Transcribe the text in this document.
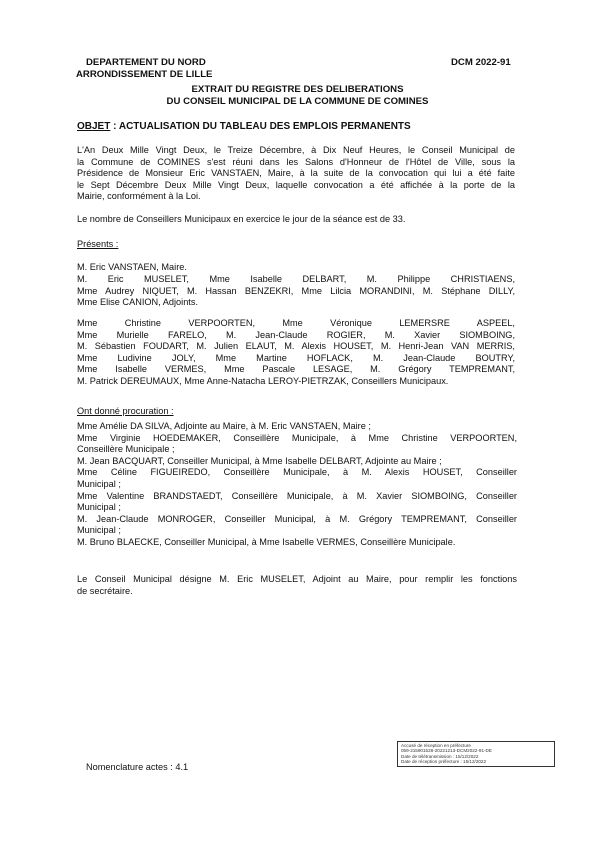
DEPARTEMENT DU NORD
ARRONDISSEMENT DE LILLE
DCM 2022-91
EXTRAIT DU REGISTRE DES DELIBERATIONS
DU CONSEIL MUNICIPAL DE LA COMMUNE DE COMINES
OBJET : ACTUALISATION DU TABLEAU DES EMPLOIS PERMANENTS
L'An Deux Mille Vingt Deux, le Treize Décembre, à Dix Neuf Heures, le Conseil Municipal de
la Commune de COMINES s'est réuni dans les Salons d'Honneur de l'Hôtel de Ville, sous la
Présidence de Monsieur Eric VANSTAEN, Maire, à la suite de la convocation qui lui a été faite
le Sept Décembre Deux Mille Vingt Deux, laquelle convocation a été affichée à la porte de la
Mairie, conformément à la Loi.
Le nombre de Conseillers Municipaux en exercice le jour de la séance est de 33.
Présents :
M. Eric VANSTAEN, Maire.
M. Eric MUSELET, Mme Isabelle DELBART, M. Philippe CHRISTIAENS,
Mme Audrey NIQUET, M. Hassan BENZEKRI, Mme Lilcia MORANDINI, M. Stéphane DILLY,
Mme Elise CANION, Adjoints.
Mme Christine VERPOORTEN, Mme Véronique LEMERSRE ASPEEL,
Mme Murielle FARELO, M. Jean-Claude ROGIER, M. Xavier SIOMBOING,
M. Sébastien FOUDART, M. Julien ELAUT, M. Alexis HOUSET, M. Henri-Jean VAN MERRIS,
Mme Ludivine JOLY, Mme Martine HOFLACK, M. Jean-Claude BOUTRY,
Mme Isabelle VERMES, Mme Pascale LESAGE, M. Grégory TEMPREMANT,
M. Patrick DEREUMAUX, Mme Anne-Natacha LEROY-PIETRZAK, Conseillers Municipaux.
Ont donné procuration :
Mme Amélie DA SILVA, Adjointe au Maire, à M. Eric VANSTAEN, Maire ;
Mme Virginie HOEDEMAKER, Conseillère Municipale, à Mme Christine VERPOORTEN,
Conseillère Municipale ;
M. Jean BACQUART, Conseiller Municipal, à Mme Isabelle DELBART, Adjointe au Maire ;
Mme Céline FIGUEIREDO, Conseillère Municipale, à M. Alexis HOUSET, Conseiller
Municipal ;
Mme Valentine BRANDSTAEDT, Conseillère Municipale, à M. Xavier SIOMBOING, Conseiller
Municipal ;
M. Jean-Claude MONROGER, Conseiller Municipal, à M. Grégory TEMPREMANT, Conseiller
Municipal ;
M. Bruno BLAECKE, Conseiller Municipal, à Mme Isabelle VERMES, Conseillère Municipale.
Le Conseil Municipal désigne M. Eric MUSELET, Adjoint au Maire, pour remplir les fonctions
de secrétaire.
Accusé de réception en préfecture
059-215901528-20221213-DCM2022-91-DE
Date de télétransmission : 15/12/2022
Date de réception préfecture : 15/12/2022
Nomenclature actes : 4.1
